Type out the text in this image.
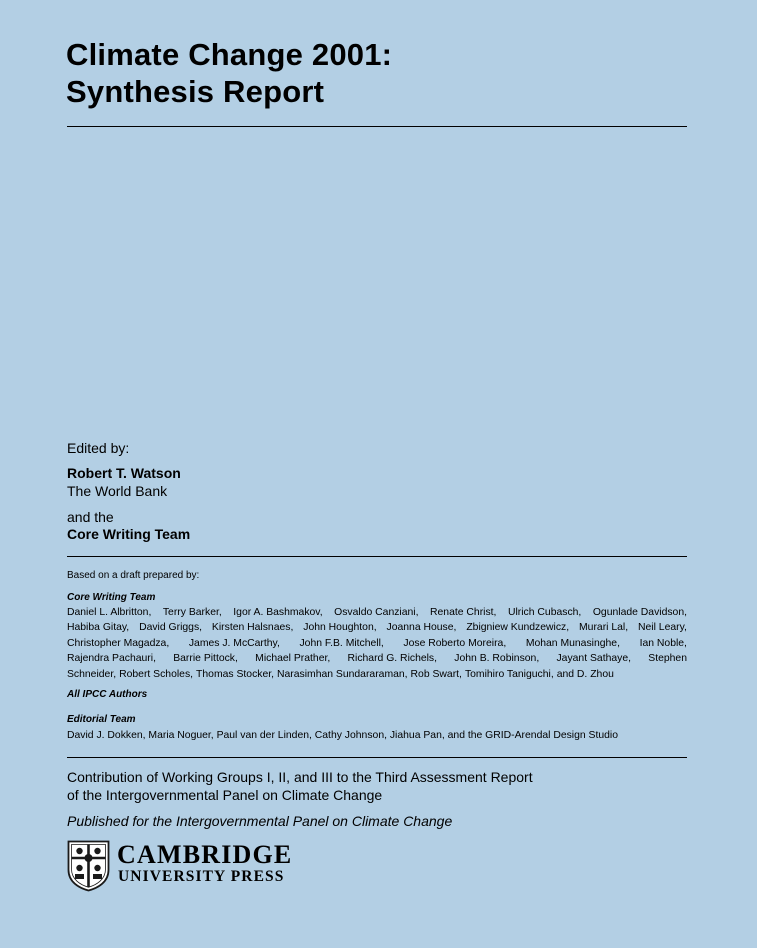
Climate Change 2001:
Synthesis Report
Edited by:
Robert T. Watson
The World Bank
and the
Core Writing Team
Based on a draft prepared by:
Core Writing Team
Daniel L. Albritton, Terry Barker, Igor A. Bashmakov, Osvaldo Canziani, Renate Christ, Ulrich Cubasch, Ogunlade Davidson,
Habiba Gitay, David Griggs, Kirsten Halsnaes, John Houghton, Joanna House, Zbigniew Kundzewicz, Murari Lal, Neil Leary,
Christopher Magadza, James J. McCarthy, John F.B. Mitchell, Jose Roberto Moreira, Mohan Munasinghe, Ian Noble,
Rajendra Pachauri, Barrie Pittock, Michael Prather, Richard G. Richels, John B. Robinson, Jayant Sathaye, Stephen
Schneider, Robert Scholes, Thomas Stocker, Narasimhan Sundararaman, Rob Swart, Tomihiro Taniguchi, and D. Zhou
All IPCC Authors
Editorial Team
David J. Dokken, Maria Noguer, Paul van der Linden, Cathy Johnson, Jiahua Pan, and the GRID-Arendal Design Studio
Contribution of Working Groups I, II, and III to the Third Assessment Report
of the Intergovernmental Panel on Climate Change
Published for the Intergovernmental Panel on Climate Change
CAMBRIDGE
UNIVERSITY PRESS
